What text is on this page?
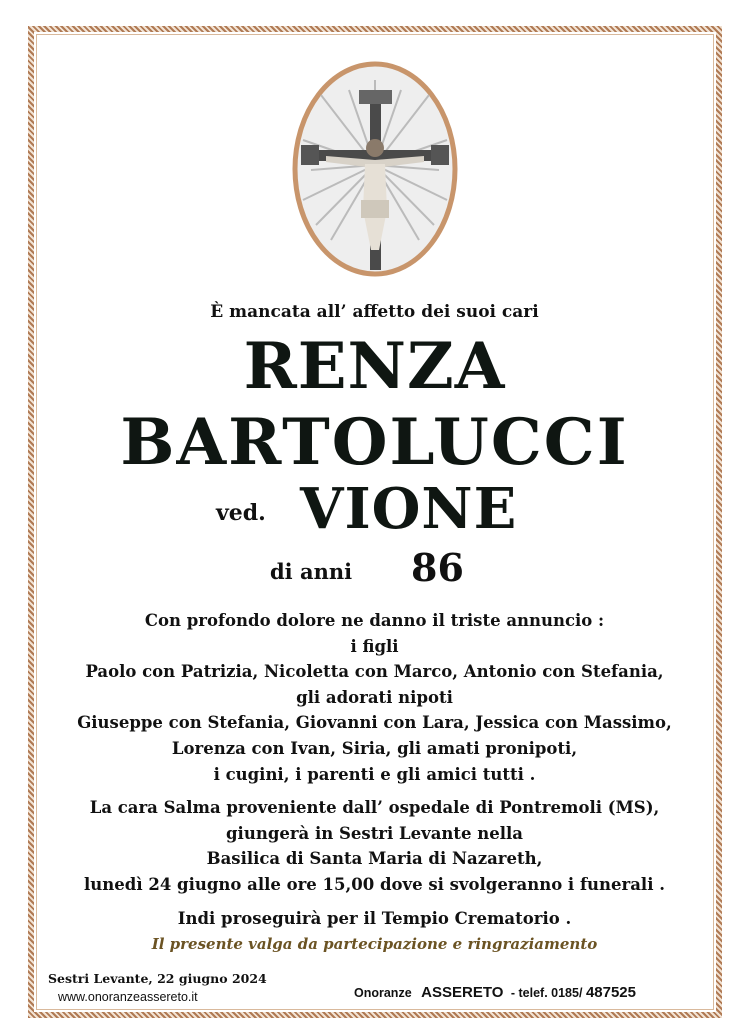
È mancata all’ affetto dei suoi cari
RENZA
BARTOLUCCI
ved. VIONE
di anni 86
Con profondo dolore ne danno il triste annuncio :
i figli
Paolo con Patrizia, Nicoletta con Marco, Antonio con Stefania,
gli adorati nipoti
Giuseppe con Stefania, Giovanni con Lara, Jessica con Massimo,
Lorenza con Ivan, Siria, gli amati pronipoti,
i cugini, i parenti e gli amici tutti .
La cara Salma proveniente dall’ ospedale di Pontremoli (MS),
giungerà in Sestri Levante nella
Basilica di Santa Maria di Nazareth,
lunedì 24 giugno alle ore 15,00 dove si svolgeranno i funerali .
Indi proseguirà per il Tempio Crematorio .
Il presente valga da partecipazione e ringraziamento
Sestri Levante, 22 giugno 2024
www.onoranzeassereto.it	Onoranze ASSERETO - telef. 0185/ 487525
